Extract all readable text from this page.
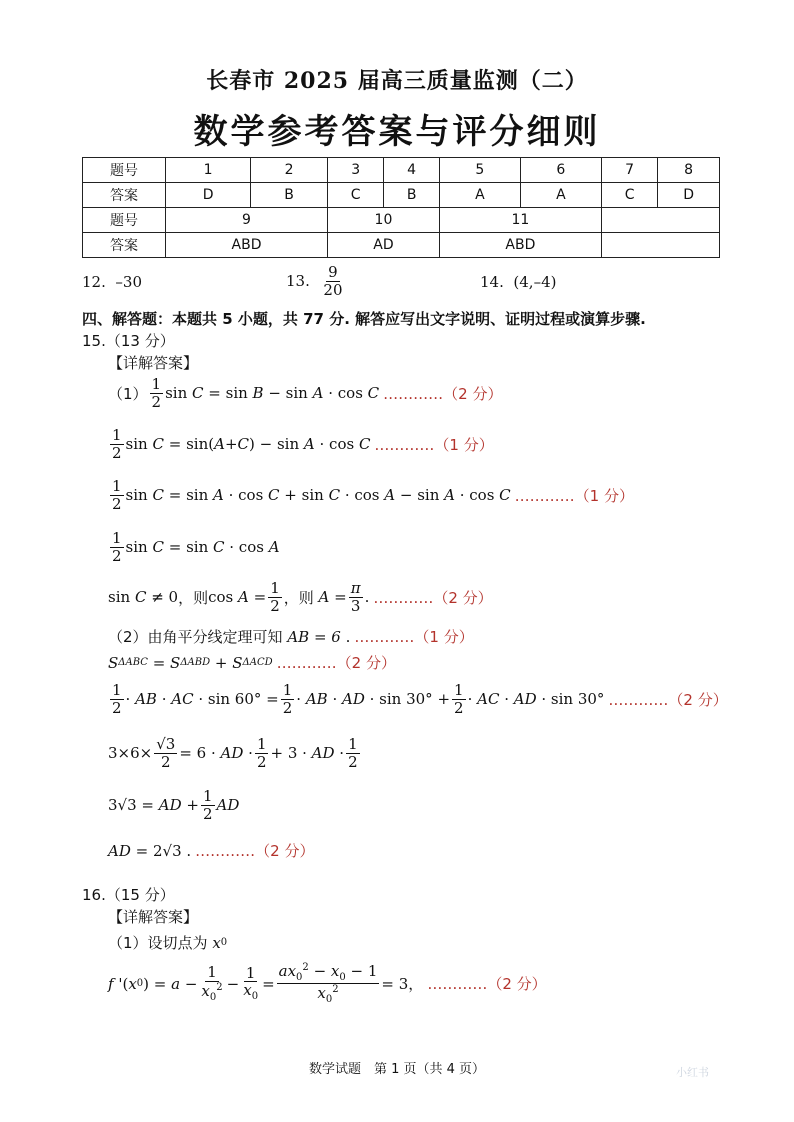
长春市 2025 届高三质量监测（二）
数学参考答案与评分细则
题号	1	2	3	4	5	6	7	8
答案	D	B	C	B	A	A	C	D
题号	9		10		11			
答案	ABD		AD		ABD			
12. –30	13.
$\frac{9}{20}$	14. (4,–4)
四、解答题：本题共 5 小题，共 77 分. 解答应写出文字说明、证明过程或演算步骤.
15.（13 分）
【详解答案】
$(1) \frac{1}{2}$ sin C = sin B − sin A · cos C …………（2 分）
$\frac{1}{2}$ sin C = sin( A + C ) − sin A · cos C …………（1 分）
$\frac{1}{2}$ sin C = sin A · cos C + sin C · cos A − sin A · cos C …………（1 分）
$\frac{1}{2}$ sin C = sin C · cos A
sin C ≠ 0 ，则 $\cos A = \frac{1}{2}$ ，则
$A = \frac{\pi}{3}$ . …………（2 分）
（2）由角平分线定理可知
AB = 6 . …………（1 分）
S ΔABC = S ΔABD + S ΔACD …………（2 分）
$\frac{1}{2}$ · AB · AC · $\sin 60^\circ = \frac{1}{2}$ · AB · AD · $\sin 30^\circ + \frac{1}{2}$ · AC · AD · sin 30° …………（2 分）
$3\times 6\times \frac{√3}{2} = 6$ · AD · $\frac{1}{2} + 3$ · AD · $\frac{1}{2}$
3√3 = AD + $\frac{1}{2}$ AD
AD = 2√3 . …………（2 分）
16.（15 分）
【详解答案】
（1）设切点为
x 0
f '( x 0 ) = $a - \frac{1}{x_0^2} - \frac{1}{x_0} = \frac{ax_0^2 - x_0 - 1}{x_0^2} = 3$ ， …………（2 分）
数学试题　第 1 页（共 4 页）	小红书
